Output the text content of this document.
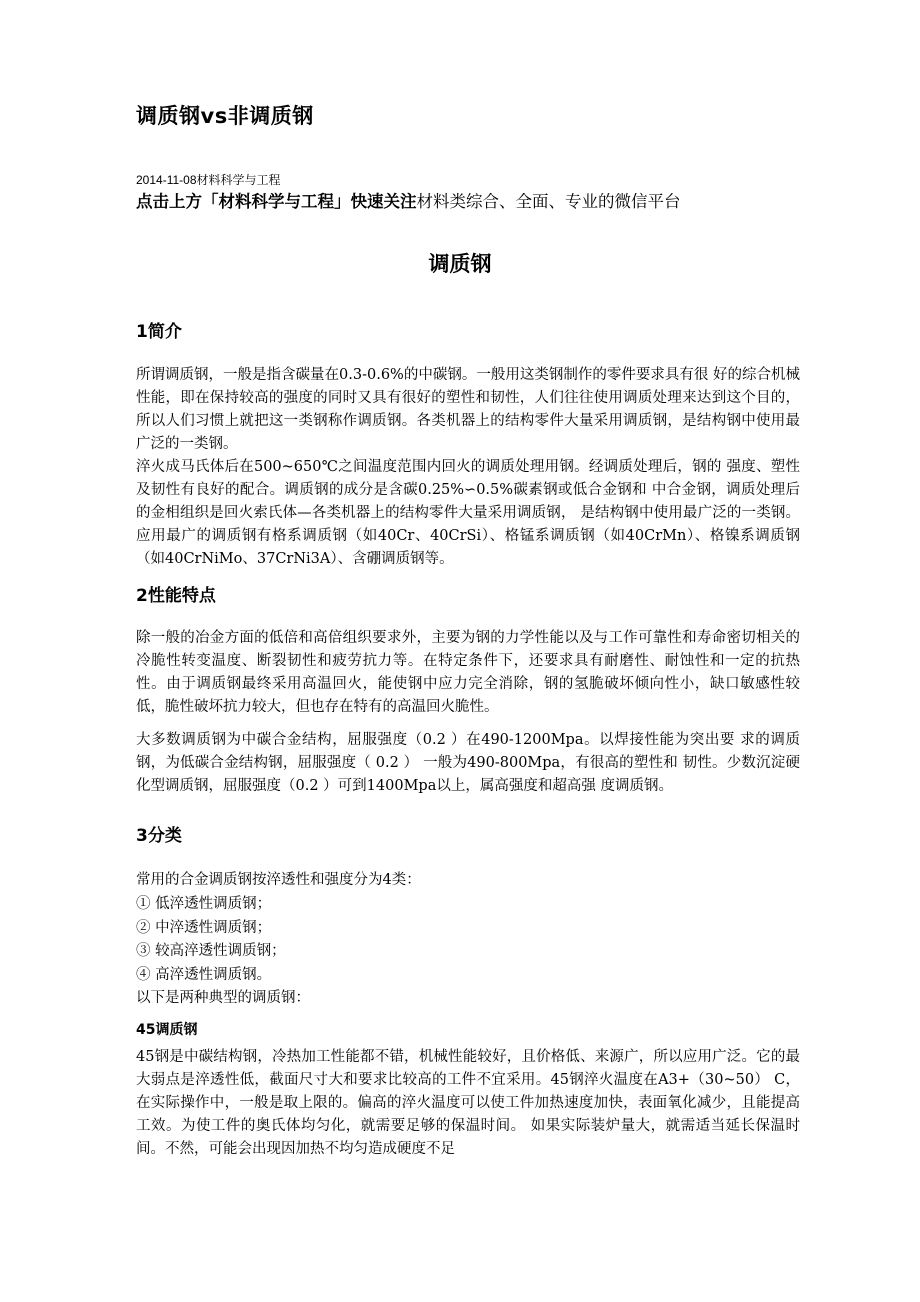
调质钢vs非调质钢
2014-11-08材料科学与工程
点击上方「材料科学与工程」快速关注材料类综合、全面、专业的微信平台
调质钢
1简介
所谓调质钢，一般是指含碳量在0.3-0.6%的中碳钢。一般用这类钢制作的零件要求具有很 好的综合机械性能，即在保持较高的强度的同时又具有很好的塑性和韧性，人们往往使用调质处理来达到这个目的，所以人们习惯上就把这一类钢称作调质钢。各类机器上的结构零件大量采用调质钢，是结构钢中使用最广泛的一类钢。
淬火成马氏体后在500~650℃之间温度范围内回火的调质处理用钢。经调质处理后，钢的 强度、塑性及韧性有良好的配合。调质钢的成分是含碳0.25%∽0.5%碳素钢或低合金钢和 中合金钢，调质处理后的金相组织是回火索氏体—各类机器上的结构零件大量采用调质钢， 是结构钢中使用最广泛的一类钢。应用最广的调质钢有格系调质钢（如40Cr、40CrSi）、格锰系调质钢（如40CrMn）、格镍系调质钢（如40CrNiMo、37CrNi3A）、含硼调质钢等。
2性能特点
除一般的冶金方面的低倍和高倍组织要求外，主要为钢的力学性能以及与工作可靠性和寿命密切相关的冷脆性转变温度、断裂韧性和疲劳抗力等。在特定条件下，还要求具有耐磨性、耐蚀性和一定的抗热性。由于调质钢最终采用高温回火，能使钢中应力完全消除，钢的氢脆破坏倾向性小，缺口敏感性较低，脆性破坏抗力较大，但也存在特有的高温回火脆性。
大多数调质钢为中碳合金结构，屈服强度（0.2 ）在490-1200Mpa。以焊接性能为突出要 求的调质钢，为低碳合金结构钢，屈服强度（ 0.2 ） 一般为490-800Mpa，有很高的塑性和 韧性。少数沉淀硬化型调质钢，屈服强度（0.2 ）可到1400Mpa以上，属高强度和超高强 度调质钢。
3分类
常用的合金调质钢按淬透性和强度分为4类：
① 低淬透性调质钢；
② 中淬透性调质钢；
③ 较高淬透性调质钢；
④ 高淬透性调质钢。
以下是两种典型的调质钢：
45调质钢
45钢是中碳结构钢，冷热加工性能都不错，机械性能较好，且价格低、来源广，所以应用广泛。它的最大弱点是淬透性低，截面尺寸大和要求比较高的工件不宜采用。45钢淬火温度在A3+（30~50） C，在实际操作中，一般是取上限的。偏高的淬火温度可以使工件加热速度加快，表面氧化减少，且能提高工效。为使工件的奥氏体均匀化，就需要足够的保温时间。 如果实际装炉量大，就需适当延长保温时间。不然，可能会出现因加热不均匀造成硬度不足
